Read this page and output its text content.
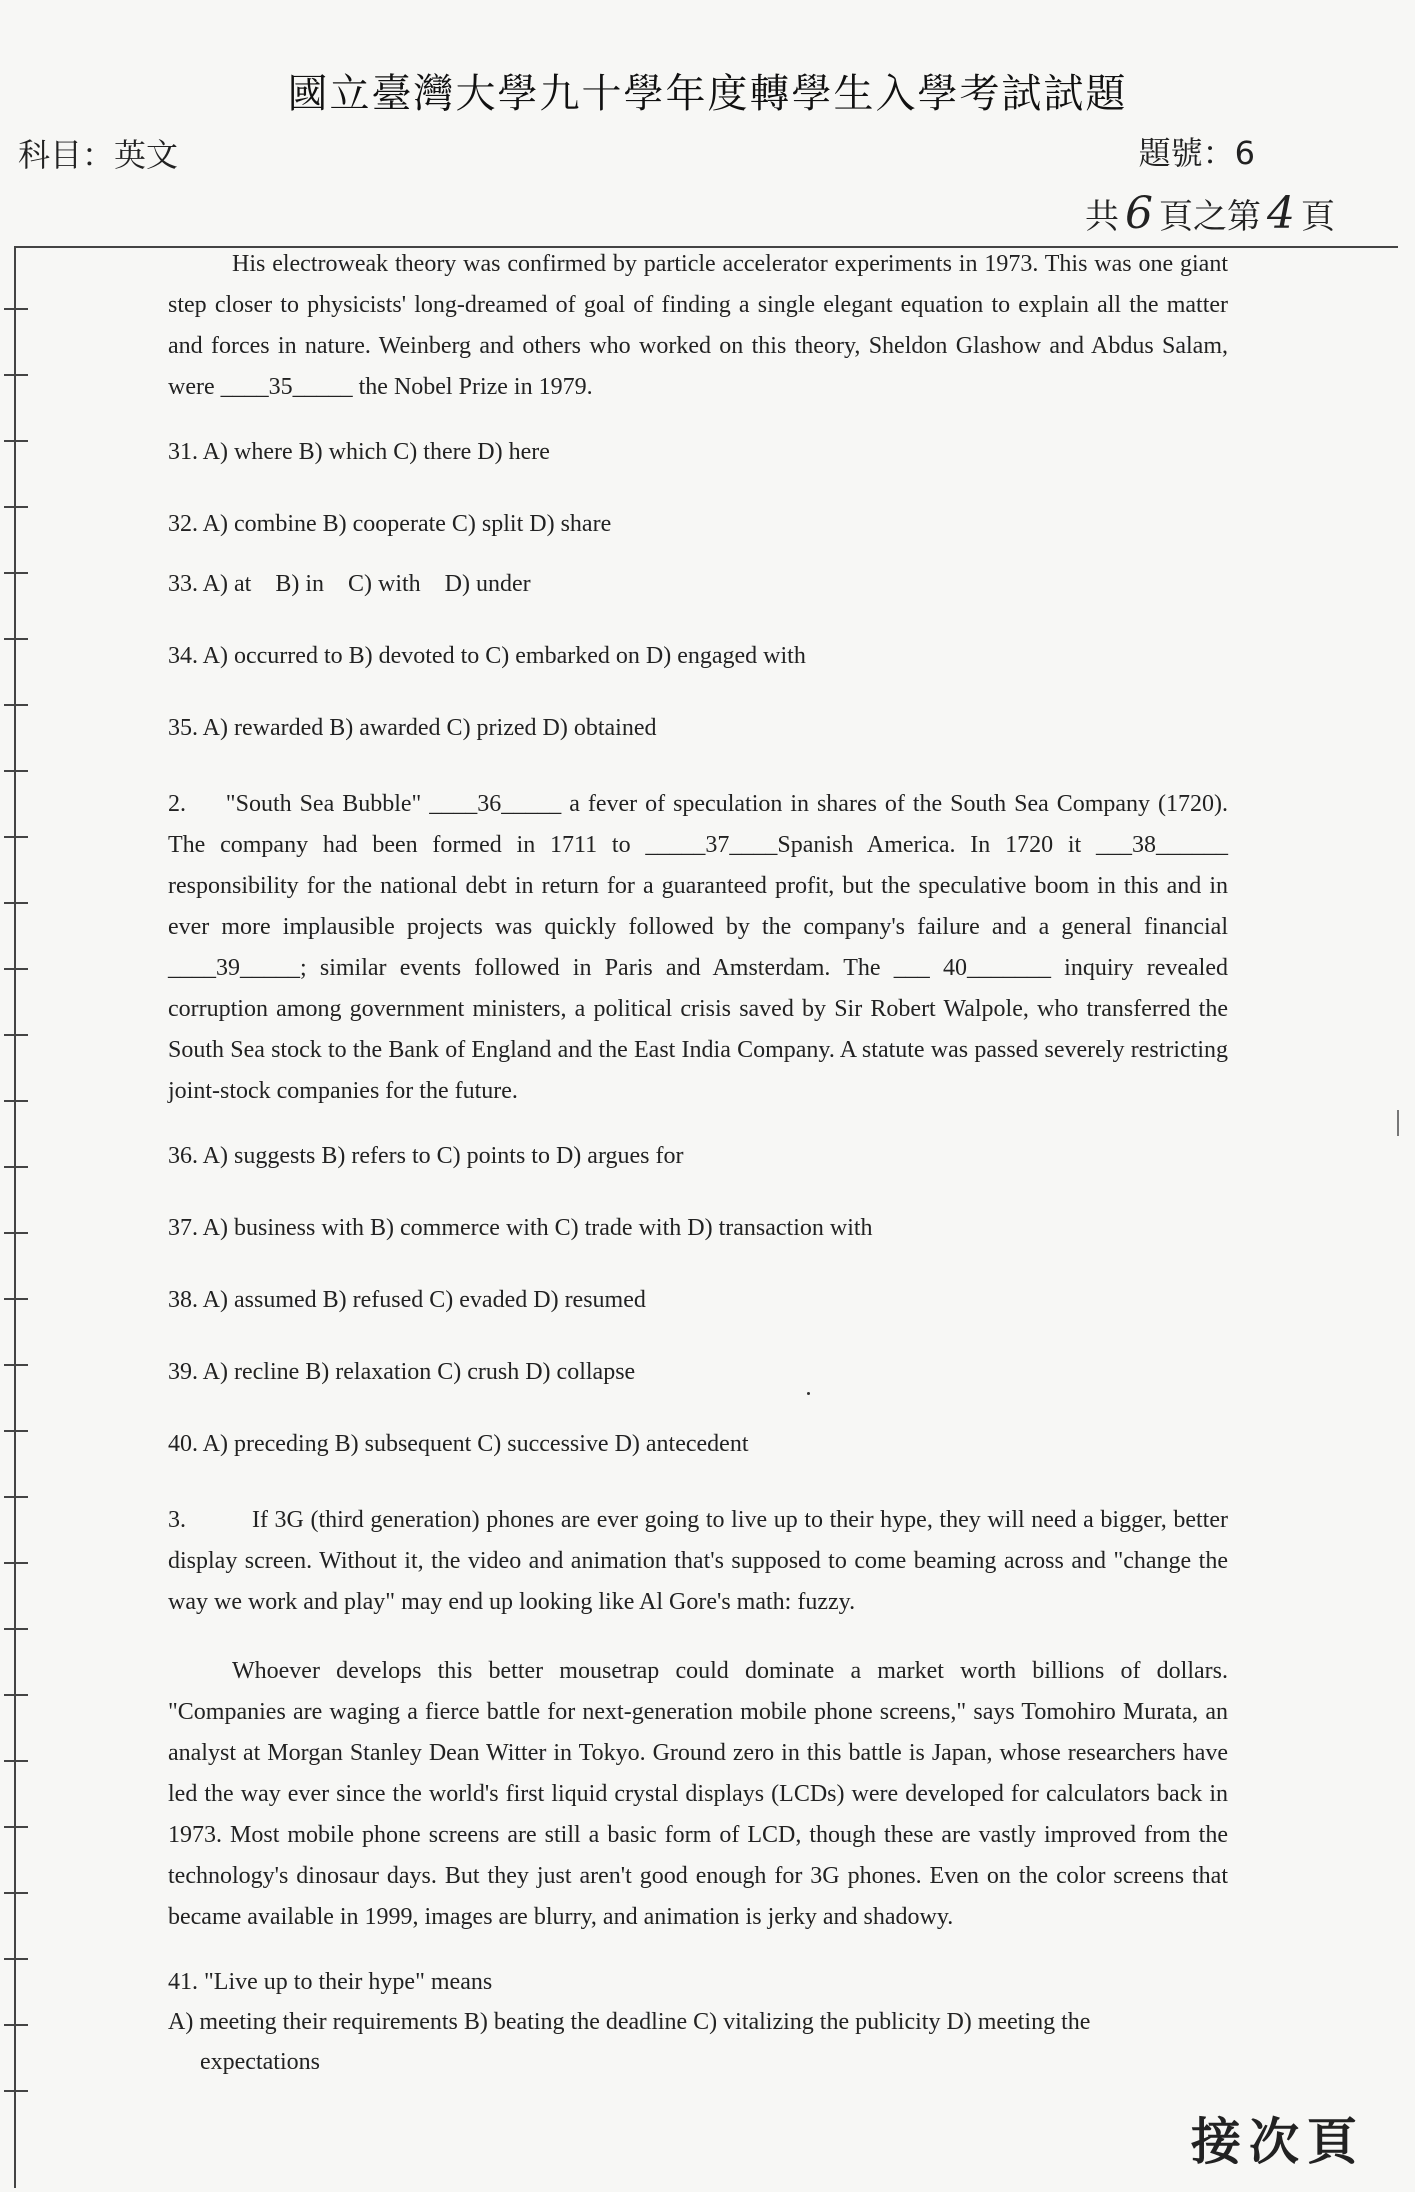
國立臺灣大學九十學年度轉學生入學考試試題
科目：英文	題號：6
共 6 頁之第 4 頁

His electroweak theory was confirmed by particle accelerator experiments in 1973. This was one giant step closer to physicists' long-dreamed of goal of finding a single elegant equation to explain all the matter and forces in nature. Weinberg and others who worked on this theory, Sheldon Glashow and Abdus Salam, were ____35_____ the Nobel Prize in 1979.

31. A) where B) which C) there D) here

32. A) combine B) cooperate C) split D) share

33. A) at    B) in    C) with    D) under

34. A) occurred to B) devoted to C) embarked on D) engaged with

35. A) rewarded B) awarded C) prized D) obtained

2.     "South Sea Bubble" ____36_____ a fever of speculation in shares of the South Sea Company (1720). The company had been formed in 1711 to _____37____Spanish America. In 1720 it ___38______ responsibility for the national debt in return for a guaranteed profit, but the speculative boom in this and in ever more implausible projects was quickly followed by the company's failure and a general financial ____39_____; similar events followed in Paris and Amsterdam. The ___ 40_______ inquiry revealed corruption among government ministers, a political crisis saved by Sir Robert Walpole, who transferred the South Sea stock to the Bank of England and the East India Company. A statute was passed severely restricting joint-stock companies for the future.

36. A) suggests B) refers to C) points to D) argues for

37. A) business with B) commerce with C) trade with D) transaction with

38. A) assumed B) refused C) evaded D) resumed

39. A) recline B) relaxation C) crush D) collapse

40. A) preceding B) subsequent C) successive D) antecedent

3.          If 3G (third generation) phones are ever going to live up to their hype, they will need a bigger, better display screen. Without it, the video and animation that's supposed to come beaming across and "change the way we work and play" may end up looking like Al Gore's math: fuzzy.

Whoever develops this better mousetrap could dominate a market worth billions of dollars. "Companies are waging a fierce battle for next-generation mobile phone screens," says Tomohiro Murata, an analyst at Morgan Stanley Dean Witter in Tokyo. Ground zero in this battle is Japan, whose researchers have led the way ever since the world's first liquid crystal displays (LCDs) were developed for calculators back in 1973. Most mobile phone screens are still a basic form of LCD, though these are vastly improved from the technology's dinosaur days. But they just aren't good enough for 3G phones. Even on the color screens that became available in 1999, images are blurry, and animation is jerky and shadowy.

41. "Live up to their hype" means

A) meeting their requirements B) beating the deadline C) vitalizing the publicity D) meeting the

expectations

接次頁
